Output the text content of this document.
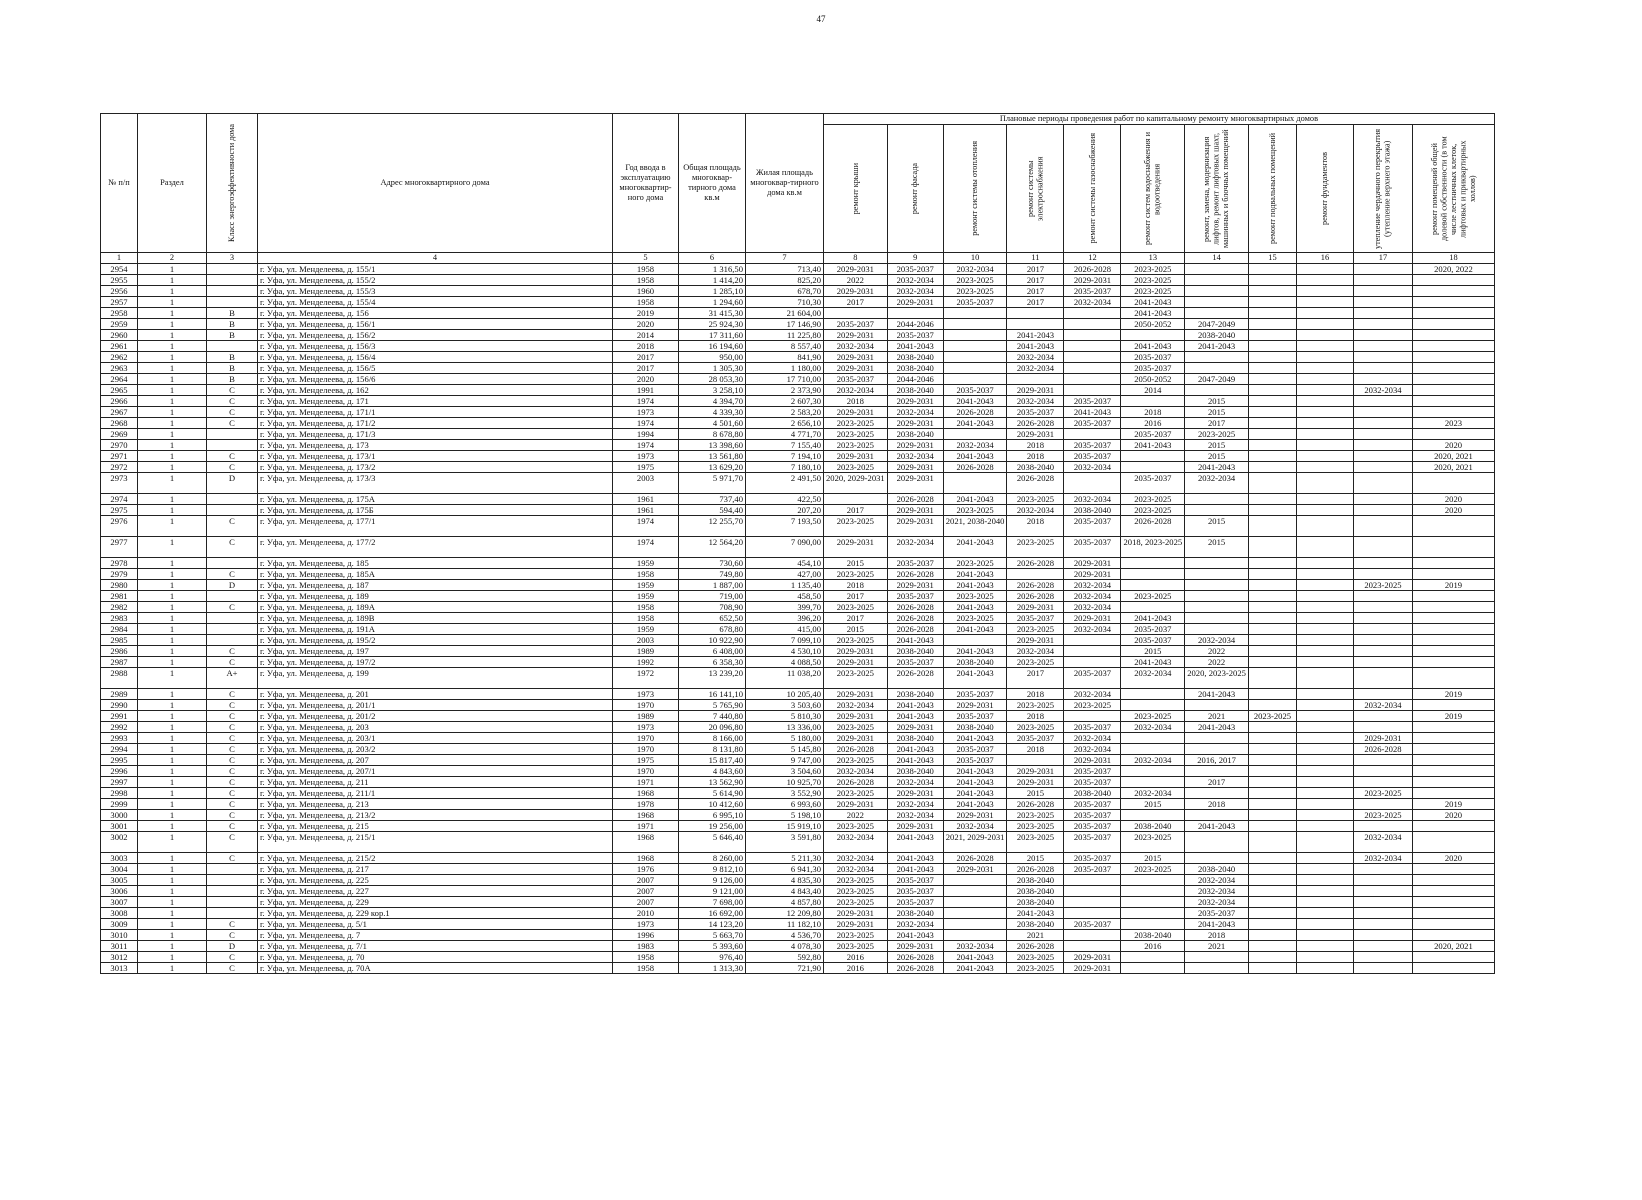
47
№ п/п	Раздел	Класс энергоэффективности дома	Адрес многоквартирного дома	Год ввода в эксплуатацию многоквартир-ного дома	Общая площадь многоквар-тирного дома кв.м	Жилая площадь многоквар-тирного дома кв.м	Плановые периоды проведения работ по капитальному ремонту многоквартирных домов										

							ремонт крыши	ремонт фасада	ремонт системы отопления	ремонт системы электроснабжения	ремонт системы газоснабжения	ремонт систем водоснабжения и водоотведения	ремонт, замена, модернизация лифтов, ремонт лифтовых шахт, машинных и блочных помещений	ремонт подвальных помещений	ремонт фундаментов	утепление чердачного перекрытия (утепление верхнего этажа)	ремонт помещений общей долевой собственности (в том числе лестничных клеток, лифтовых и приквартирных холлов)

1	2	3	4	5	6	7	8	9	10	11	12	13	14	15	16	17	18
2954	1		г. Уфа, ул. Менделеева, д. 155/1	1958	1 316,50	713,40	2029-2031	2035-2037	2032-2034	2017	2026-2028	2023-2025					2020, 2022
2955	1		г. Уфа, ул. Менделеева, д. 155/2	1958	1 414,20	825,20	2022	2032-2034	2023-2025	2017	2029-2031	2023-2025					
2956	1		г. Уфа, ул. Менделеева, д. 155/3	1960	1 285,10	678,70	2029-2031	2032-2034	2023-2025	2017	2035-2037	2023-2025					
2957	1		г. Уфа, ул. Менделеева, д. 155/4	1958	1 294,60	710,30	2017	2029-2031	2035-2037	2017	2032-2034	2041-2043					
2958	1	B	г. Уфа, ул. Менделеева, д. 156	2019	31 415,30	21 604,00						2041-2043					
2959	1	B	г. Уфа, ул. Менделеева, д. 156/1	2020	25 924,30	17 146,90	2035-2037	2044-2046				2050-2052	2047-2049				
2960	1	B	г. Уфа, ул. Менделеева, д. 156/2	2014	17 311,60	11 225,80	2029-2031	2035-2037		2041-2043			2038-2040				
2961	1		г. Уфа, ул. Менделеева, д. 156/3	2018	16 194,60	8 557,40	2032-2034	2041-2043		2041-2043		2041-2043	2041-2043				
2962	1	B	г. Уфа, ул. Менделеева, д. 156/4	2017	950,00	841,90	2029-2031	2038-2040		2032-2034		2035-2037					
2963	1	B	г. Уфа, ул. Менделеева, д. 156/5	2017	1 305,30	1 180,00	2029-2031	2038-2040		2032-2034		2035-2037					
2964	1	B	г. Уфа, ул. Менделеева, д. 156/6	2020	28 053,30	17 710,00	2035-2037	2044-2046				2050-2052	2047-2049				
2965	1	C	г. Уфа, ул. Менделеева, д. 162	1991	3 258,10	2 373,90	2032-2034	2038-2040	2035-2037	2029-2031		2014				2032-2034	
2966	1	C	г. Уфа, ул. Менделеева, д. 171	1974	4 394,70	2 607,30	2018	2029-2031	2041-2043	2032-2034	2035-2037		2015				
2967	1	C	г. Уфа, ул. Менделеева, д. 171/1	1973	4 339,30	2 583,20	2029-2031	2032-2034	2026-2028	2035-2037	2041-2043	2018	2015				
2968	1	C	г. Уфа, ул. Менделеева, д. 171/2	1974	4 501,60	2 656,10	2023-2025	2029-2031	2041-2043	2026-2028	2035-2037	2016	2017				2023
2969	1		г. Уфа, ул. Менделеева, д. 171/3	1994	8 678,80	4 771,70	2023-2025	2038-2040		2029-2031		2035-2037	2023-2025				
2970	1		г. Уфа, ул. Менделеева, д. 173	1974	13 398,60	7 155,40	2023-2025	2029-2031	2032-2034	2018	2035-2037	2041-2043	2015				2020
2971	1	C	г. Уфа, ул. Менделеева, д. 173/1	1973	13 561,80	7 194,10	2029-2031	2032-2034	2041-2043	2018	2035-2037		2015				2020, 2021
2972	1	C	г. Уфа, ул. Менделеева, д. 173/2	1975	13 629,20	7 180,10	2023-2025	2029-2031	2026-2028	2038-2040	2032-2034		2041-2043				2020, 2021
2973	1	D	г. Уфа, ул. Менделеева, д. 173/3	2003	5 971,70	2 491,50	2020, 2029-2031	2029-2031		2026-2028		2035-2037	2032-2034				
2974	1		г. Уфа, ул. Менделеева, д. 175А	1961	737,40	422,50		2026-2028	2041-2043	2023-2025	2032-2034	2023-2025					2020
2975	1		г. Уфа, ул. Менделеева, д. 175Б	1961	594,40	207,20	2017	2029-2031	2023-2025	2032-2034	2038-2040	2023-2025					2020
2976	1	C	г. Уфа, ул. Менделеева, д. 177/1	1974	12 255,70	7 193,50	2023-2025	2029-2031	2021, 2038-2040	2018	2035-2037	2026-2028	2015				
2977	1	C	г. Уфа, ул. Менделеева, д. 177/2	1974	12 564,20	7 090,00	2029-2031	2032-2034	2041-2043	2023-2025	2035-2037	2018, 2023-2025	2015				
2978	1		г. Уфа, ул. Менделеева, д. 185	1959	730,60	454,10	2015	2035-2037	2023-2025	2026-2028	2029-2031						
2979	1	C	г. Уфа, ул. Менделеева, д. 185А	1958	749,80	427,00	2023-2025	2026-2028	2041-2043		2029-2031						
2980	1	D	г. Уфа, ул. Менделеева, д. 187	1959	1 887,00	1 135,40	2018	2029-2031	2041-2043	2026-2028	2032-2034					2023-2025	2019
2981	1		г. Уфа, ул. Менделеева, д. 189	1959	719,00	458,50	2017	2035-2037	2023-2025	2026-2028	2032-2034	2023-2025					
2982	1	C	г. Уфа, ул. Менделеева, д. 189А	1958	708,90	399,70	2023-2025	2026-2028	2041-2043	2029-2031	2032-2034						
2983	1		г. Уфа, ул. Менделеева, д. 189В	1958	652,50	396,20	2017	2026-2028	2023-2025	2035-2037	2029-2031	2041-2043					
2984	1		г. Уфа, ул. Менделеева, д. 191А	1959	678,80	415,00	2015	2026-2028	2041-2043	2023-2025	2032-2034	2035-2037					
2985	1		г. Уфа, ул. Менделеева, д. 195/2	2003	10 922,90	7 099,10	2023-2025	2041-2043		2029-2031		2035-2037	2032-2034				
2986	1	C	г. Уфа, ул. Менделеева, д. 197	1989	6 408,00	4 530,10	2029-2031	2038-2040	2041-2043	2032-2034		2015	2022				
2987	1	C	г. Уфа, ул. Менделеева, д. 197/2	1992	6 358,30	4 088,50	2029-2031	2035-2037	2038-2040	2023-2025		2041-2043	2022				
2988	1	A+	г. Уфа, ул. Менделеева, д. 199	1972	13 239,20	11 038,20	2023-2025	2026-2028	2041-2043	2017	2035-2037	2032-2034	2020, 2023-2025				
2989	1	C	г. Уфа, ул. Менделеева, д. 201	1973	16 141,10	10 205,40	2029-2031	2038-2040	2035-2037	2018	2032-2034		2041-2043				2019
2990	1	C	г. Уфа, ул. Менделеева, д. 201/1	1970	5 765,90	3 503,60	2032-2034	2041-2043	2029-2031	2023-2025	2023-2025					2032-2034	
2991	1	C	г. Уфа, ул. Менделеева, д. 201/2	1989	7 440,80	5 810,30	2029-2031	2041-2043	2035-2037	2018		2023-2025	2021	2023-2025			2019
2992	1	C	г. Уфа, ул. Менделеева, д. 203	1973	20 096,80	13 336,00	2023-2025	2029-2031	2038-2040	2023-2025	2035-2037	2032-2034	2041-2043				
2993	1	C	г. Уфа, ул. Менделеева, д. 203/1	1970	8 166,00	5 180,00	2029-2031	2038-2040	2041-2043	2035-2037	2032-2034					2029-2031	
2994	1	C	г. Уфа, ул. Менделеева, д. 203/2	1970	8 131,80	5 145,80	2026-2028	2041-2043	2035-2037	2018	2032-2034					2026-2028	
2995	1	C	г. Уфа, ул. Менделеева, д. 207	1975	15 817,40	9 747,00	2023-2025	2041-2043	2035-2037		2029-2031	2032-2034	2016, 2017				
2996	1	C	г. Уфа, ул. Менделеева, д. 207/1	1970	4 843,60	3 504,60	2032-2034	2038-2040	2041-2043	2029-2031	2035-2037						
2997	1	C	г. Уфа, ул. Менделеева, д. 211	1971	13 562,90	10 925,70	2026-2028	2032-2034	2041-2043	2029-2031	2035-2037		2017				
2998	1	C	г. Уфа, ул. Менделеева, д. 211/1	1968	5 614,90	3 552,90	2023-2025	2029-2031	2041-2043	2015	2038-2040	2032-2034				2023-2025	
2999	1	C	г. Уфа, ул. Менделеева, д. 213	1978	10 412,60	6 993,60	2029-2031	2032-2034	2041-2043	2026-2028	2035-2037	2015	2018				2019
3000	1	C	г. Уфа, ул. Менделеева, д. 213/2	1968	6 995,10	5 198,10	2022	2032-2034	2029-2031	2023-2025	2035-2037					2023-2025	2020
3001	1	C	г. Уфа, ул. Менделеева, д. 215	1971	19 256,00	15 919,10	2023-2025	2029-2031	2032-2034	2023-2025	2035-2037	2038-2040	2041-2043				
3002	1	C	г. Уфа, ул. Менделеева, д. 215/1	1968	5 646,40	3 591,80	2032-2034	2041-2043	2021, 2029-2031	2023-2025	2035-2037	2023-2025				2032-2034	
3003	1	C	г. Уфа, ул. Менделеева, д. 215/2	1968	8 260,00	5 211,30	2032-2034	2041-2043	2026-2028	2015	2035-2037	2015				2032-2034	2020
3004	1		г. Уфа, ул. Менделеева, д. 217	1976	9 812,10	6 941,30	2032-2034	2041-2043	2029-2031	2026-2028	2035-2037	2023-2025	2038-2040				
3005	1		г. Уфа, ул. Менделеева, д. 225	2007	9 126,00	4 835,30	2023-2025	2035-2037		2038-2040			2032-2034				
3006	1		г. Уфа, ул. Менделеева, д. 227	2007	9 121,00	4 843,40	2023-2025	2035-2037		2038-2040			2032-2034				
3007	1		г. Уфа, ул. Менделеева, д. 229	2007	7 698,00	4 857,80	2023-2025	2035-2037		2038-2040			2032-2034				
3008	1		г. Уфа, ул. Менделеева, д. 229 кор.1	2010	16 692,00	12 209,80	2029-2031	2038-2040		2041-2043			2035-2037				
3009	1	C	г. Уфа, ул. Менделеева, д. 5/1	1973	14 123,20	11 182,10	2029-2031	2032-2034		2038-2040	2035-2037		2041-2043				
3010	1	C	г. Уфа, ул. Менделеева, д. 7	1996	5 663,70	4 536,70	2023-2025	2041-2043		2021		2038-2040	2018				
3011	1	D	г. Уфа, ул. Менделеева, д. 7/1	1983	5 393,60	4 078,30	2023-2025	2029-2031	2032-2034	2026-2028		2016	2021				2020, 2021
3012	1	C	г. Уфа, ул. Менделеева, д. 70	1958	976,40	592,80	2016	2026-2028	2041-2043	2023-2025	2029-2031						
3013	1	C	г. Уфа, ул. Менделеева, д. 70А	1958	1 313,30	721,90	2016	2026-2028	2041-2043	2023-2025	2029-2031						
